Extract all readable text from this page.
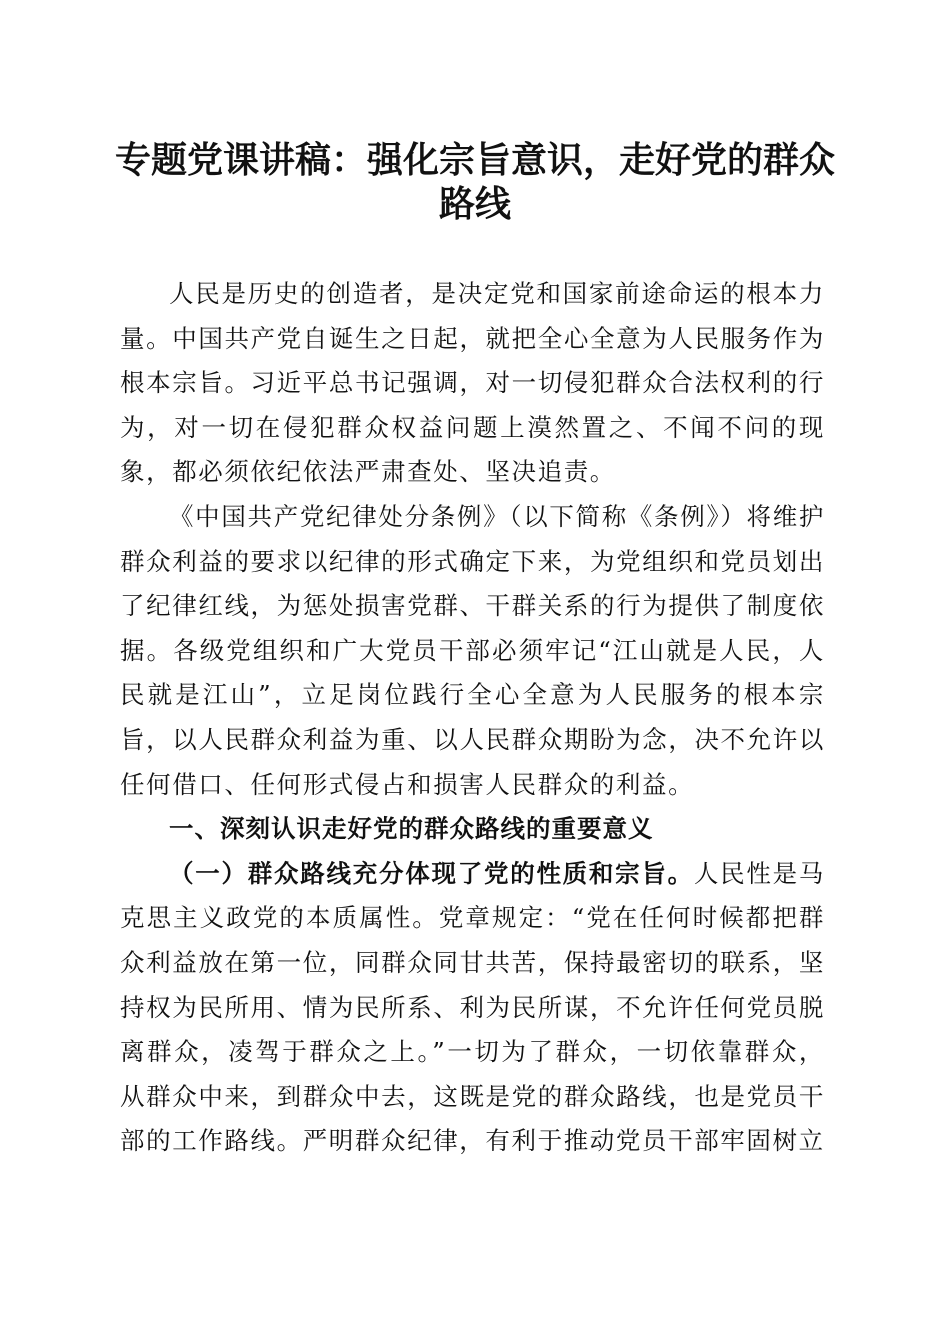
专题党课讲稿：强化宗旨意识，走好党的群众路线

人民是历史的创造者，是决定党和国家前途命运的根本力量。中国共产党自诞生之日起，就把全心全意为人民服务作为根本宗旨。习近平总书记强调，对一切侵犯群众合法权利的行为，对一切在侵犯群众权益问题上漠然置之、不闻不问的现象，都必须依纪依法严肃查处、坚决追责。

《中国共产党纪律处分条例》（以下简称《条例》）将维护群众利益的要求以纪律的形式确定下来，为党组织和党员划出了纪律红线，为惩处损害党群、干群关系的行为提供了制度依据。各级党组织和广大党员干部必须牢记“江山就是人民，人民就是江山”，立足岗位践行全心全意为人民服务的根本宗旨，以人民群众利益为重、以人民群众期盼为念，决不允许以任何借口、任何形式侵占和损害人民群众的利益。

一、深刻认识走好党的群众路线的重要意义

（一）群众路线充分体现了党的性质和宗旨。人民性是马克思主义政党的本质属性。党章规定：“党在任何时候都把群众利益放在第一位，同群众同甘共苦，保持最密切的联系，坚持权为民所用、情为民所系、利为民所谋，不允许任何党员脱离群众，凌驾于群众之上。”一切为了群众，一切依靠群众，从群众中来，到群众中去，这既是党的群众路线，也是党员干部的工作路线。严明群众纪律，有利于推动党员干部牢固树立
